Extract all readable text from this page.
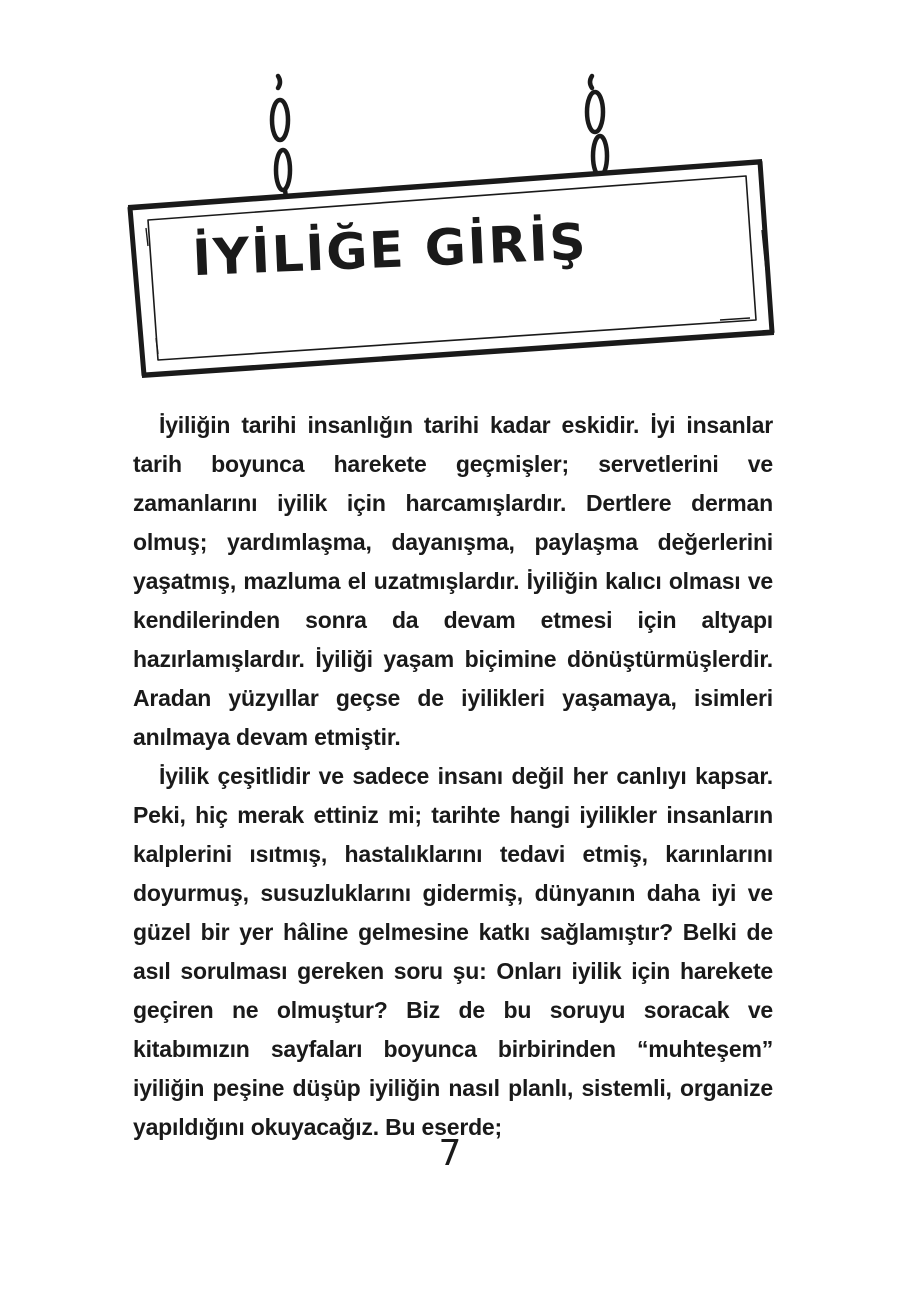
İYİLİĞE GİRİŞ

İyiliğin tarihi insanlığın tarihi kadar eskidir. İyi insanlar tarih boyunca harekete geçmişler; servetlerini ve zamanlarını iyilik için harcamışlardır. Dertlere derman olmuş; yardımlaşma, dayanışma, paylaşma değerlerini yaşatmış, mazluma el uzatmışlardır. İyiliğin kalıcı olması ve kendilerinden sonra da devam etmesi için altyapı hazırlamışlardır. İyiliği yaşam biçimine dönüştürmüşlerdir. Aradan yüzyıllar geçse de iyilikleri yaşamaya, isimleri anılmaya devam etmiştir.

İyilik çeşitlidir ve sadece insanı değil her canlıyı kapsar. Peki, hiç merak ettiniz mi; tarihte hangi iyilikler insanların kalplerini ısıtmış, hastalıklarını tedavi etmiş, karınlarını doyurmuş, susuzluklarını gidermiş, dünyanın daha iyi ve güzel bir yer hâline gelmesine katkı sağlamıştır? Belki de asıl sorulması gereken soru şu: Onları iyilik için harekete geçiren ne olmuştur? Biz de bu soruyu soracak ve kitabımızın sayfaları boyunca birbirinden “muhteşem” iyiliğin peşine düşüp iyiliğin nasıl planlı, sistemli, organize yapıldığını okuyacağız. Bu eserde;

7
